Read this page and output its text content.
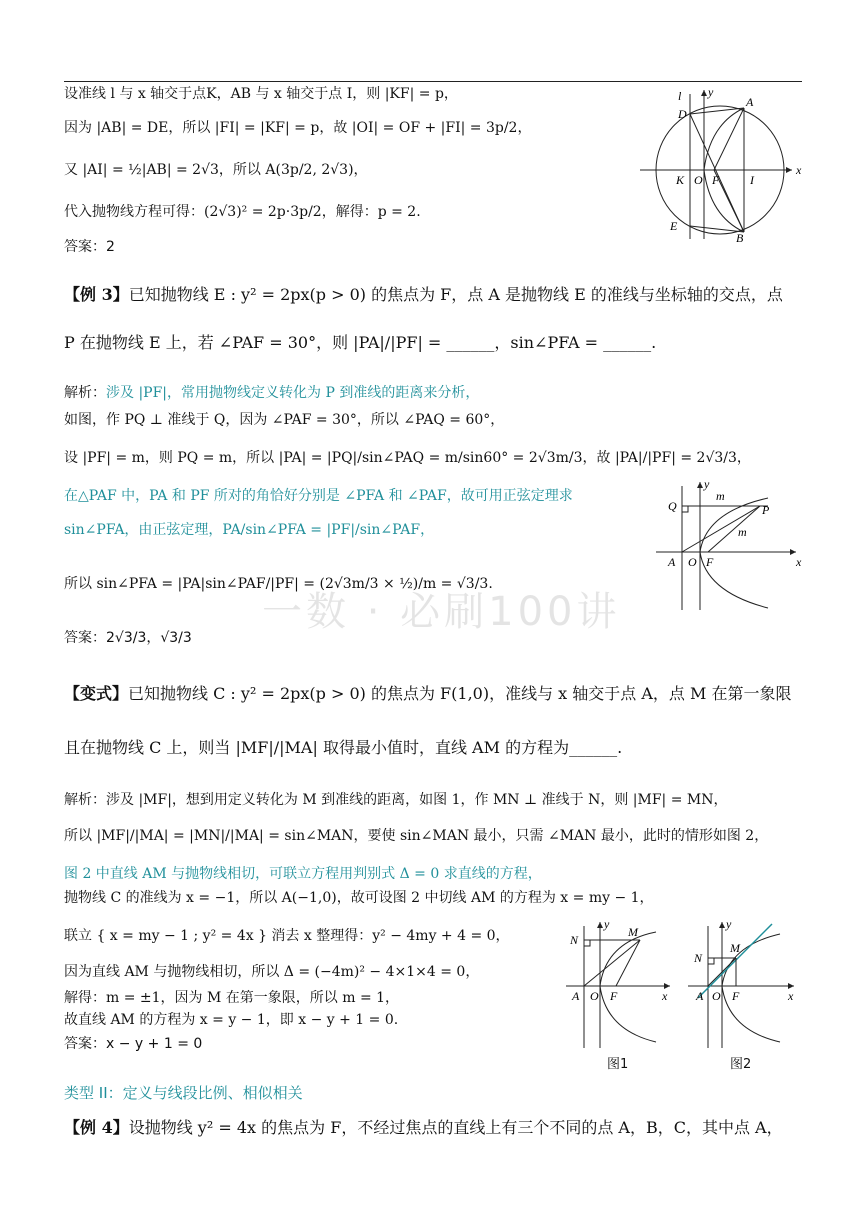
设准线 l 与 x 轴交于点K，AB 与 x 轴交于点 I，则 |KF| = p，
因为 |AB| = DE，所以 |FI| = |KF| = p，故 |OI| = OF + |FI| = 3p/2，
又 |AI| = ½|AB| = 2√3，所以 A(3p/2, 2√3)，
代入抛物线方程可得：(2√3)² = 2p·3p/2，解得：p = 2.
答案：2
l y
A
D
K O F	I
x
E
B
【例 3】已知抛物线 E : y² = 2px(p > 0) 的焦点为 F，点 A 是抛物线 E 的准线与坐标轴的交点，点
P 在抛物线 E 上，若 ∠PAF = 30°，则 |PA|/|PF| = ______，sin∠PFA = ______.
解析：涉及 |PF|，常用抛物线定义转化为 P 到准线的距离来分析，
如图，作 PQ ⊥ 准线于 Q，因为 ∠PAF = 30°，所以 ∠PAQ = 60°，
设 |PF| = m，则 PQ = m，所以 |PA| = |PQ|/sin∠PAQ = m/sin60° = 2√3m/3，故 |PA|/|PF| = 2√3/3，
在△PAF 中，PA 和 PF 所对的角恰好分别是 ∠PFA 和 ∠PAF，故可用正弦定理求
sin∠PFA，由正弦定理，PA/sin∠PFA = |PF|/sin∠PAF，
所以 sin∠PFA = |PA|sin∠PAF/|PF| = (2√3m/3 × ½)/m = √3/3.
答案：2√3/3，√3/3
Q
y
m
P
m
A O F	x
一数 · 必刷100讲
【变式】已知抛物线 C : y² = 2px(p > 0) 的焦点为 F(1,0)，准线与 x 轴交于点 A，点 M 在第一象限
且在抛物线 C 上，则当 |MF|/|MA| 取得最小值时，直线 AM 的方程为______.
解析：涉及 |MF|，想到用定义转化为 M 到准线的距离，如图 1，作 MN ⊥ 准线于 N，则 |MF| = MN，
所以 |MF|/|MA| = |MN|/|MA| = sin∠MAN，要使 sin∠MAN 最小，只需 ∠MAN 最小，此时的情形如图 2，
图 2 中直线 AM 与抛物线相切，可联立方程用判别式 Δ = 0 求直线的方程，
抛物线 C 的准线为 x = −1，所以 A(−1,0)，故可设图 2 中切线 AM 的方程为 x = my − 1，
联立 { x = my − 1 ; y² = 4x } 消去 x 整理得：y² − 4my + 4 = 0，
因为直线 AM 与抛物线相切，所以 Δ = (−4m)² − 4×1×4 = 0，
解得：m = ±1，因为 M 在第一象限，所以 m = 1，
故直线 AM 的方程为 x = y − 1，即 x − y + 1 = 0.
答案：x − y + 1 = 0
N
M
y
A O F	x
图1
y
N
M
A O F	x
图2
类型 II：定义与线段比例、相似相关
【例 4】设抛物线 y² = 4x 的焦点为 F，不经过焦点的直线上有三个不同的点 A，B，C，其中点 A，
